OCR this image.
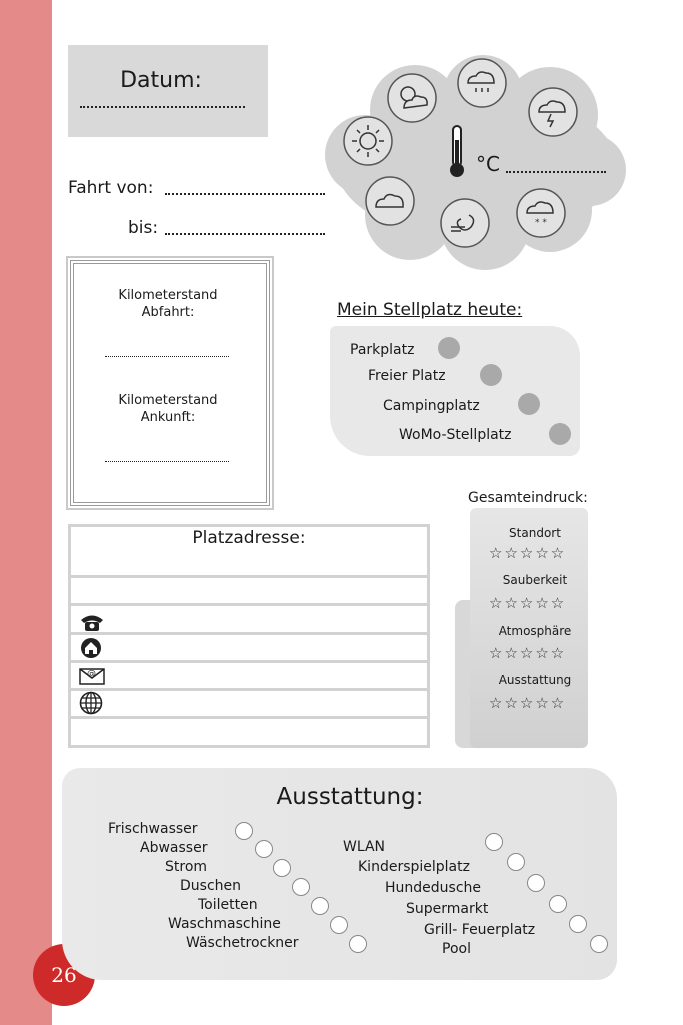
26
Datum:
Fahrt von:
bis:
°C
* *
Kilometerstand
Abfahrt:
Kilometerstand
Ankunft:
Mein Stellplatz heute:
Parkplatz
Freier Platz
Campingplatz
WoMo-Stellplatz
Platzadresse:
@
Gesamteindruck:
Standort
☆☆☆☆☆
Sauberkeit
☆☆☆☆☆
Atmosphäre
☆☆☆☆☆
Ausstattung
☆☆☆☆☆
Ausstattung:
Frischwasser
Abwasser
Strom
Duschen
Toiletten
Waschmaschine
Wäschetrockner
WLAN
Kinderspielplatz
Hundedusche
Supermarkt
Grill- Feuerplatz
Pool
